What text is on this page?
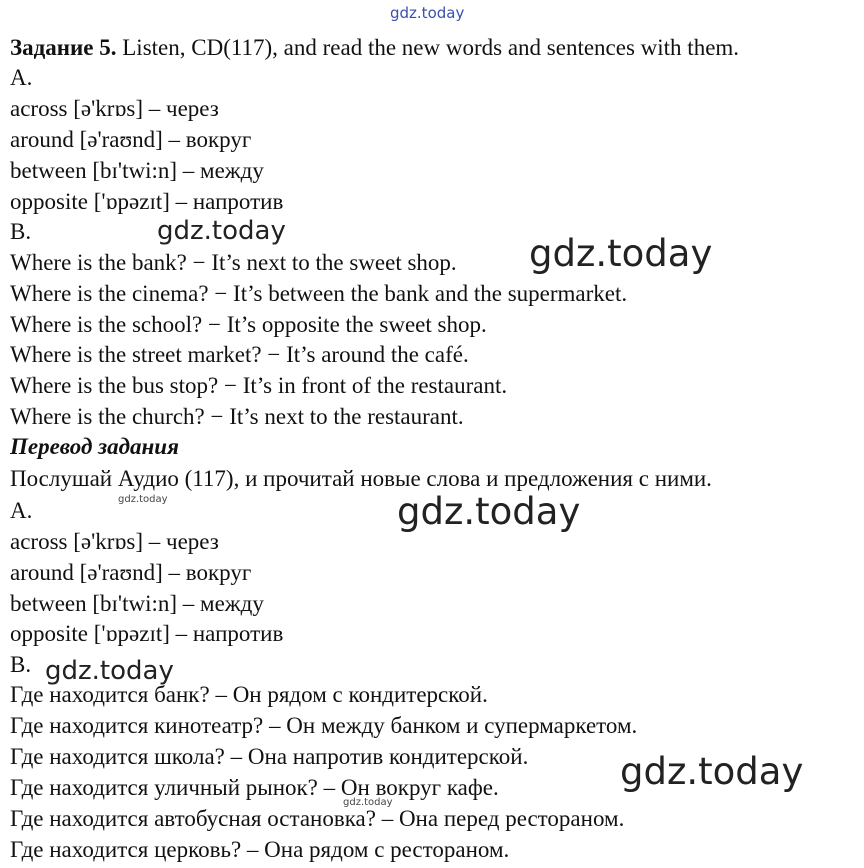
gdz.today
Задание 5. Listen, CD(117), and read the new words and sentences with them.
A.
across [ə'krɒs] – через
around [ə'raʊnd] – вокруг
between [bɪ'twi:n] – между
opposite ['ɒpəzɪt] – напротив
B.	gdz.today
Where is the bank? − It’s next to the sweet shop. gdz.today
Where is the cinema? − It’s between the bank and the supermarket.
Where is the school? − It’s opposite the sweet shop.
Where is the street market? − It’s around the café.
Where is the bus stop? − It’s in front of the restaurant.
Where is the church? − It’s next to the restaurant.
Перевод задания
Послушай Аудио (117), и прочитай новые слова и предложения с ними.
gdz.today
A.	gdz.today
across [ə'krɒs] – через
around [ə'raʊnd] – вокруг
between [bɪ'twi:n] – между
opposite ['ɒpəzɪt] – напротив
B. gdz.today
Где находится банк? – Он рядом с кондитерской.
Где находится кинотеатр? – Он между банком и супермаркетом.
Где находится школа? – Она напротив кондитерской. gdz.today
Где находится уличный рынок? – Он вокруг кафе.
gdz.today
Где находится автобусная остановка? – Она перед рестораном.
Где находится церковь? – Она рядом с рестораном.
